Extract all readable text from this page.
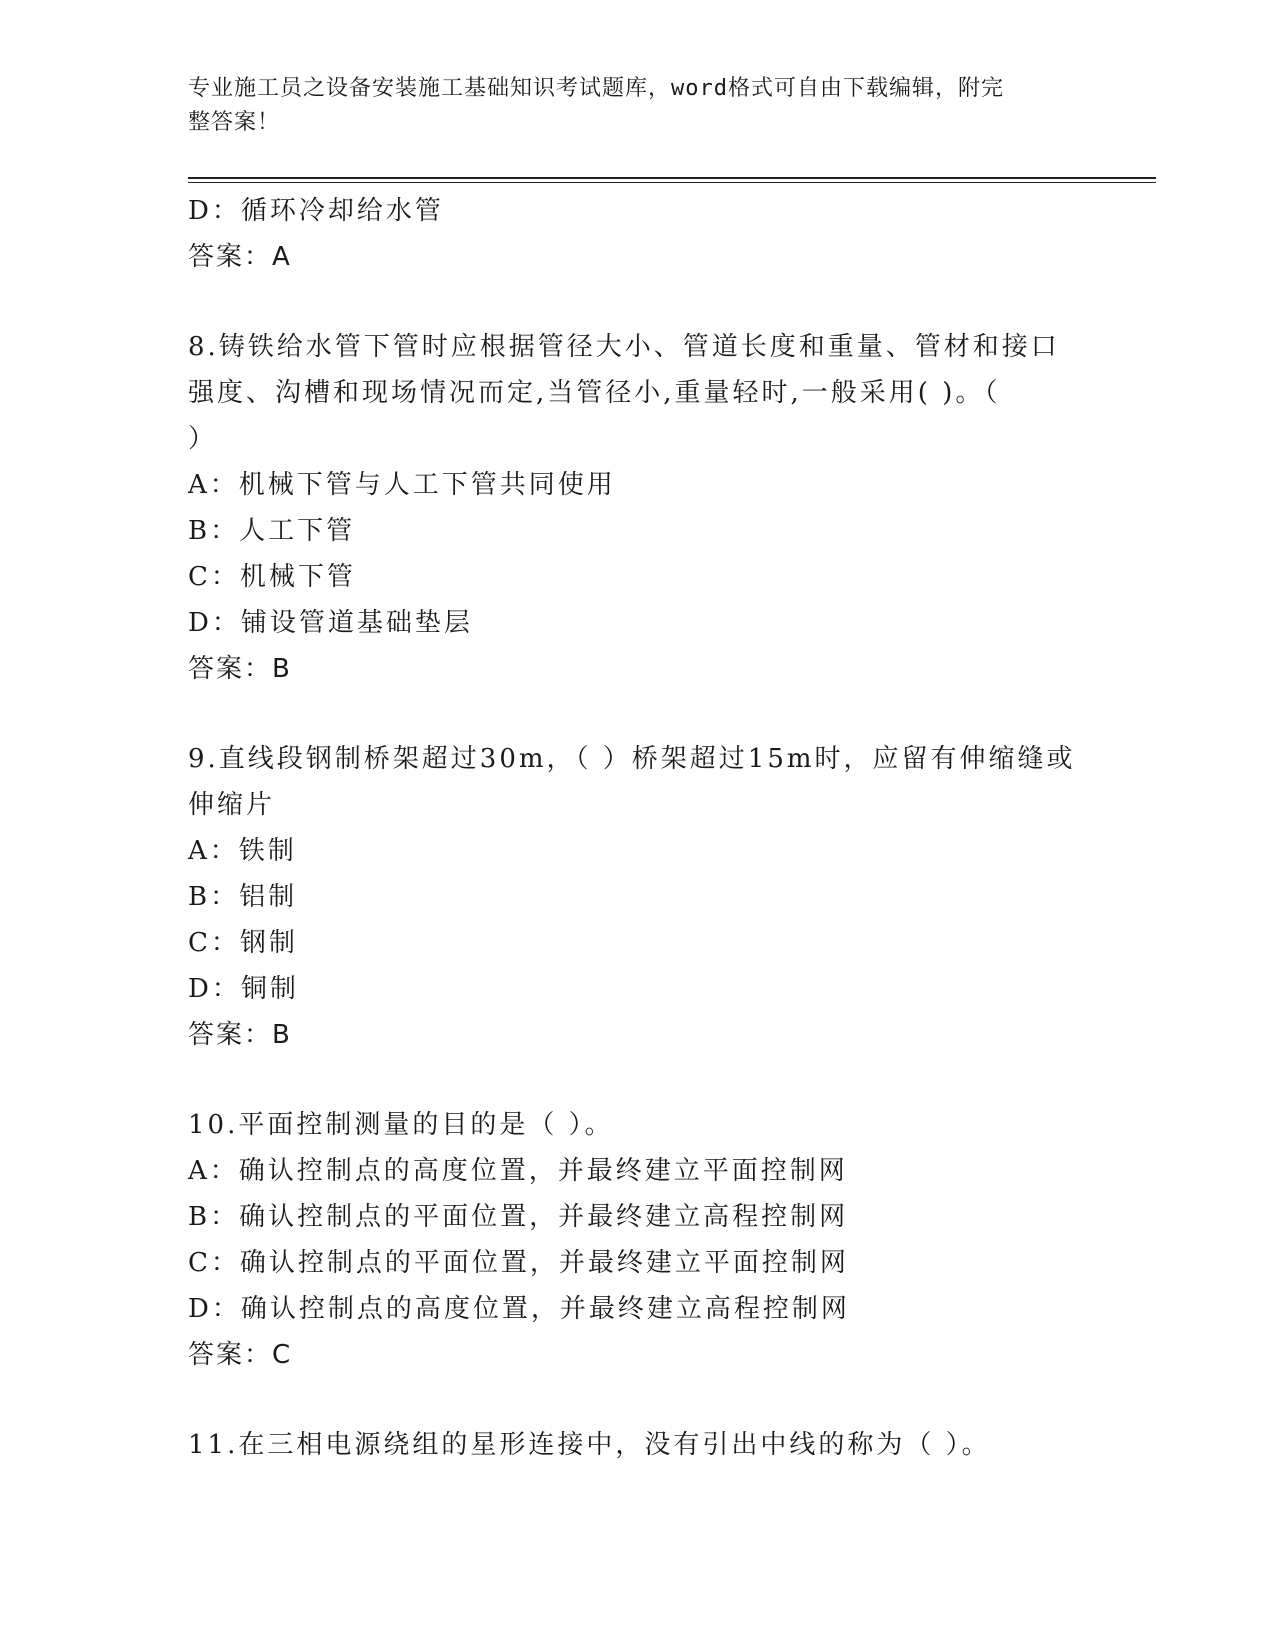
专业施工员之设备安装施工基础知识考试题库，word格式可自由下载编辑，附完
整答案！
D：循环冷却给水管
答案：A
8.铸铁给水管下管时应根据管径大小、管道长度和重量、管材和接口
强度、沟槽和现场情况而定,当管径小,重量轻时,一般采用( )。（
）
A：机械下管与人工下管共同使用
B：人工下管
C：机械下管
D：铺设管道基础垫层
答案：B
9.直线段钢制桥架超过30m，（ ）桥架超过15m时，应留有伸缩缝或
伸缩片
A：铁制
B：铝制
C：钢制
D：铜制
答案：B
10.平面控制测量的目的是（ ）。
A：确认控制点的高度位置，并最终建立平面控制网
B：确认控制点的平面位置，并最终建立高程控制网
C：确认控制点的平面位置，并最终建立平面控制网
D：确认控制点的高度位置，并最终建立高程控制网
答案：C
11.在三相电源绕组的星形连接中，没有引出中线的称为（ ）。
